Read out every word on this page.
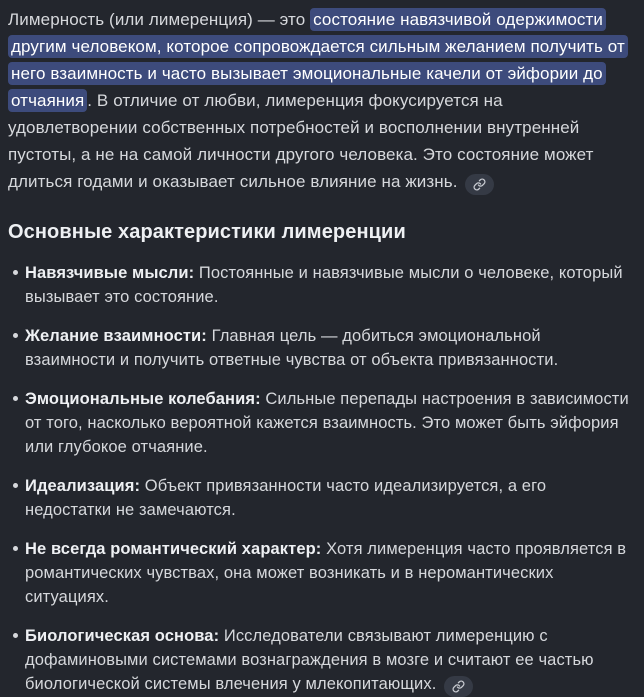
Лимерность (или лимеренция) — это состояние навязчивой одержимости другим человеком, которое сопровождается сильным желанием получить от него взаимность и часто вызывает эмоциональные качели от эйфории до отчаяния . В отличие от любви, лимеренция фокусируется на удовлетворении собственных потребностей и восполнении внутренней пустоты, а не на самой личности другого человека. Это состояние может длиться годами и оказывает сильное влияние на жизнь.

Основные характеристики лимеренции
Навязчивые мысли: Постоянные и навязчивые мысли о человеке, который вызывает это состояние.
Желание взаимности: Главная цель — добиться эмоциональной взаимности и получить ответные чувства от объекта привязанности.
Эмоциональные колебания: Сильные перепады настроения в зависимости от того, насколько вероятной кажется взаимность. Это может быть эйфория или глубокое отчаяние.
Идеализация: Объект привязанности часто идеализируется, а его недостатки не замечаются.
Не всегда романтический характер: Хотя лимеренция часто проявляется в романтических чувствах, она может возникать и в неромантических ситуациях.
Биологическая основа: Исследователи связывают лимеренцию с дофаминовыми системами вознаграждения в мозге и считают ее частью биологической системы влечения у млекопитающих.
